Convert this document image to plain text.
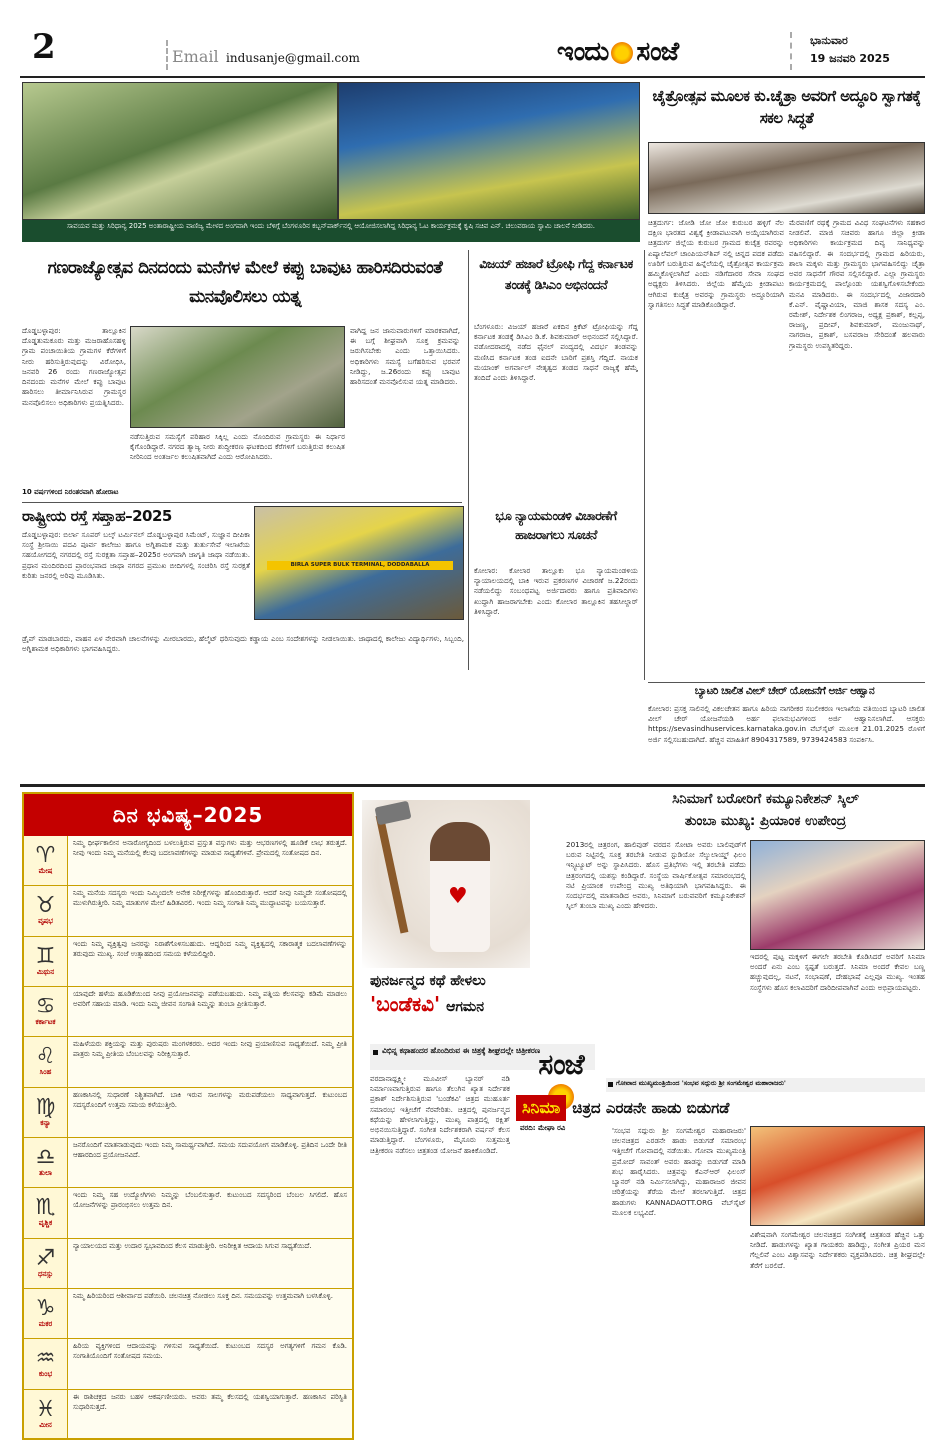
2	Email indusanje@gmail.com	ಇಂದು ಸಂಜೆ	ಭಾನುವಾರ
19 ಜನವರಿ 2025
ಸಾವಯವ ಮತ್ತು ಸಿರಿಧಾನ್ಯ 2025 ಅಂತಾರಾಷ್ಟ್ರೀಯ ವಾಣಿಜ್ಯ ಮೇಳದ ಅಂಗವಾಗಿ ಇಂದು ಬೆಳಿಗ್ಗೆ ಬೆಂಗಳೂರಿನ ಕಬ್ಬನ್‌ಪಾರ್ಕ್‌ನಲ್ಲಿ ಆಯೋಜಿಸಲಾಗಿದ್ದ ಸಿರಿಧಾನ್ಯ ಓಟ ಕಾರ್ಯಕ್ರಮಕ್ಕೆ ಕೃಷಿ ಸಚಿವ ಎನ್. ಚಲುವರಾಯ ಸ್ವಾಮಿ ಚಾಲನೆ ನೀಡಿದರು.
ಚೈತ್ರೋತ್ಸವ ಮೂಲಕ ಕು.ಚೈತ್ರಾ ಅವರಿಗೆ ಅದ್ಧೂರಿ ಸ್ವಾಗತಕ್ಕೆ ಸಕಲ ಸಿದ್ಧತೆ
ಚಿತ್ರದುರ್ಗ: ಜೋಡಿ ಜೋ ಜೋ ಕುರುಬರ ಹಳ್ಳಿಗೆ ನೆಲ ದಕ್ಷಿಣ ಭಾರತದ ವಿಶ್ವಕ್ಕೆ ಕ್ರೀಡಾಪಟುವಾಗಿ ಅಯ್ಕೆಯಾಗಿರುವ ಚಿತ್ರದುರ್ಗ ಜಿಲ್ಲೆಯ ಕುರುಬರ ಗ್ರಾಮದ ಕುಚೈತ್ರ ರವರನ್ನು ಏಷ್ಯಾಲೆವಲ್ ಚಾಂಪಿಯನ್‌ಶಿಪ್ ನಲ್ಲಿ ಚಿನ್ನದ ಪದಕ ಪಡೆದು ಊರಿಗೆ ಬರುತ್ತಿರುವ ಹಿನ್ನೆಲೆಯಲ್ಲಿ ಚೈತ್ರೋತ್ಸವ ಕಾರ್ಯಕ್ರಮ ಹಮ್ಮಿಕೊಳ್ಳಲಾಗಿದೆ ಎಂದು ನಡಿಗೆದಾರರ ಸೇವಾ ಸಂಘದ ಅಧ್ಯಕ್ಷರು ತಿಳಿಸಿದರು. ಜಿಲ್ಲೆಯ ಹೆಮ್ಮೆಯ ಕ್ರೀಡಾಪಟು ಆಗಿರುವ ಕುಚೈತ್ರ ಅವರನ್ನು ಗ್ರಾಮಸ್ಥರು ಅದ್ಧೂರಿಯಾಗಿ ಸ್ವಾಗತಿಸಲು ಸಿದ್ಧತೆ ಮಾಡಿಕೊಂಡಿದ್ದಾರೆ.
ಮೆರವಣಿಗೆ ರಥಕ್ಕೆ ಗ್ರಾಮದ ವಿವಿಧ ಸಂಘಟನೆಗಳು ಸಹಕಾರ ನೀಡಲಿವೆ. ಮಾಜಿ ಸಚಿವರು ಹಾಗೂ ಜಿಲ್ಲಾ ಕ್ರೀಡಾ ಅಧಿಕಾರಿಗಳು ಕಾರ್ಯಕ್ರಮದ ದಿವ್ಯ ಸಾನಿಧ್ಯವನ್ನು ವಹಿಸಲಿದ್ದಾರೆ. ಈ ಸಂದರ್ಭದಲ್ಲಿ ಗ್ರಾಮದ ಹಿರಿಯರು, ಶಾಲಾ ಮಕ್ಕಳು ಮತ್ತು ಗ್ರಾಮಸ್ಥರು ಭಾಗವಹಿಸಲಿದ್ದು ಚೈತ್ರಾ ಅವರ ಸಾಧನೆಗೆ ಗೌರವ ಸಲ್ಲಿಸಲಿದ್ದಾರೆ. ಎಲ್ಲಾ ಗ್ರಾಮಸ್ಥರು ಕಾರ್ಯಕ್ರಮದಲ್ಲಿ ಪಾಲ್ಗೊಂಡು ಯಶಸ್ವಿಗೊಳಿಸಬೇಕೆಂದು ಮನವಿ ಮಾಡಿದರು. ಈ ಸಂದರ್ಭದಲ್ಲಿ ವಿಜಾರದಾರಿ ಕೆ.ಎನ್. ವೈಷ್ಣಾವಿಯಾ, ಮಾಜಿ ಶಾಸಕ ಸದಸ್ಯ ಎಂ. ರಮೇಶ್, ನಿರ್ದೇಶಕ ಲಿಂಗರಾಜ, ಅಧ್ಯಕ್ಷ ಪ್ರಕಾಶ್, ಕಲ್ಲಪ್ಪ, ರಾಜಣ್ಣ, ಪ್ರದೀಪ್, ಶಿವಕುಮಾರ್, ಮಂಜುನಾಥ್, ನಾಗರಾಜ, ಪ್ರಕಾಶ್, ಬಸವರಾಜ ಸೇರಿದಂತೆ ಹಲವಾರು ಗ್ರಾಮಸ್ಥರು ಉಪಸ್ಥಿತರಿದ್ದರು.
ಗಣರಾಜ್ಯೋತ್ಸವ ದಿನದಂದು ಮನೆಗಳ ಮೇಲೆ ಕಪ್ಪು ಬಾವುಟ ಹಾರಿಸದಿರುವಂತೆ ಮನವೊಲಿಸಲು ಯತ್ನ
ದೊಡ್ಡಬಳ್ಳಾಪುರ: ತಾಲ್ಲೂಕಿನ ದೊಡ್ಡತುಮಕೂರು ಮತ್ತು ಮಜರಾಹೊಸಹಳ್ಳಿ ಗ್ರಾಮ ಪಂಚಾಯಿತಿಯ ಗ್ರಾಮಗಳ ಕೆರೆಗಳಿಗೆ ನೀರು ಹರಿಸುತ್ತಿರುವುದನ್ನು ವಿರೋಧಿಸಿ, ಜನವರಿ 26 ರಂದು ಗಣರಾಜ್ಯೋತ್ಸವ ದಿನದಂದು ಮನೆಗಳ ಮೇಲೆ ಕಪ್ಪು ಬಾವುಟ ಹಾರಿಸಲು ತೀರ್ಮಾನಿಸಿರುವ ಗ್ರಾಮಸ್ಥರ ಮನವೊಲಿಸಲು ಅಧಿಕಾರಿಗಳು ಪ್ರಯತ್ನಿಸಿದರು.
10 ವರ್ಷಗಳಿಂದ ನಿರಂತರವಾಗಿ ಹೋರಾಟ
ನಡೆಸುತ್ತಿರುವ ಸಮಸ್ಯೆಗೆ ಪರಿಹಾರ ಸಿಕ್ಕಿಲ್ಲ ಎಂದು ನೊಂದಿರುವ ಗ್ರಾಮಸ್ಥರು ಈ ನಿರ್ಧಾರ ಕೈಗೊಂಡಿದ್ದಾರೆ. ನಗರದ ತ್ಯಾಜ್ಯ ನೀರು ಶುದ್ಧೀಕರಣ ಘಟಕದಿಂದ ಕೆರೆಗಳಿಗೆ ಬರುತ್ತಿರುವ ಕಲುಷಿತ ನೀರಿನಿಂದ ಅಂತರ್ಜಲ ಕಲುಷಿತವಾಗಿದೆ ಎಂದು ಆರೋಪಿಸಿದರು.
ವಾಗಿದ್ದ ಜನ ಜಾನುವಾರುಗಳಿಗೆ ಮಾರಕವಾಗಿದೆ, ಈ ಬಗ್ಗೆ ಶೀಘ್ರವಾಗಿ ಸೂಕ್ತ ಕ್ರಮವನ್ನು ಜರುಗಿಸಬೇಕು ಎಂದು ಒತ್ತಾಯಿಸಿದರು. ಅಧಿಕಾರಿಗಳು ಸಮಸ್ಯೆ ಬಗೆಹರಿಸುವ ಭರವಸೆ ನೀಡಿದ್ದು, ಜ.26ರಂದು ಕಪ್ಪು ಬಾವುಟ ಹಾರಿಸದಂತೆ ಮನವೊಲಿಸುವ ಯತ್ನ ಮಾಡಿದರು.
ವಿಜಯ್ ಹಜಾರೆ ಟ್ರೋಫಿ ಗೆದ್ದ ಕರ್ನಾಟಕ ತಂಡಕ್ಕೆ ಡಿಸಿಎಂ ಅಭಿನಂದನೆ
ಬೆಂಗಳೂರು: ವಿಜಯ್ ಹಜಾರೆ ಏಕದಿನ ಕ್ರಿಕೆಟ್ ಟ್ರೋಫಿಯನ್ನು ಗೆದ್ದ ಕರ್ನಾಟಕ ತಂಡಕ್ಕೆ ಡಿಸಿಎಂ ಡಿ.ಕೆ. ಶಿವಕುಮಾರ್ ಅಭಿನಂದನೆ ಸಲ್ಲಿಸಿದ್ದಾರೆ. ವಡೋದರಾದಲ್ಲಿ ನಡೆದ ಫೈನಲ್ ಪಂದ್ಯದಲ್ಲಿ ವಿದರ್ಭ ತಂಡವನ್ನು ಮಣಿಸಿದ ಕರ್ನಾಟಕ ತಂಡ ಐದನೇ ಬಾರಿಗೆ ಪ್ರಶಸ್ತಿ ಗೆದ್ದಿದೆ. ನಾಯಕ ಮಯಾಂಕ್ ಅಗರ್ವಾಲ್ ನೇತೃತ್ವದ ತಂಡದ ಸಾಧನೆ ರಾಜ್ಯಕ್ಕೆ ಹೆಮ್ಮೆ ತಂದಿದೆ ಎಂದು ತಿಳಿಸಿದ್ದಾರೆ.
ಭೂ ನ್ಯಾಯಮಂಡಳಿ ವಿಚಾರಣೆಗೆ ಹಾಜರಾಗಲು ಸೂಚನೆ
ಕೋಲಾರ: ಕೋಲಾರ ತಾಲ್ಲೂಕು ಭೂ ನ್ಯಾಯಮಂಡಳಿಯ ನ್ಯಾಯಾಲಯದಲ್ಲಿ ಬಾಕಿ ಇರುವ ಪ್ರಕರಣಗಳ ವಿಚಾರಣೆ ಜ.22ರಂದು ನಡೆಯಲಿದ್ದು ಸಂಬಂಧಪಟ್ಟ ಅರ್ಜಿದಾರರು ಹಾಗೂ ಪ್ರತಿವಾದಿಗಳು ಖುದ್ದಾಗಿ ಹಾಜರಾಗಬೇಕು ಎಂದು ಕೋಲಾರ ತಾಲ್ಲೂಕಿನ ತಹಸೀಲ್ದಾರ್ ತಿಳಿಸಿದ್ದಾರೆ.
ರಾಷ್ಟ್ರೀಯ ರಸ್ತೆ ಸಪ್ತಾಹ–2025
ದೊಡ್ಡಬಳ್ಳಾಪುರ: ಬಿರ್ಲಾ ಸೂಪರ್ ಬಲ್ಕ್ ಟರ್ಮಿನಲ್ ದೊಡ್ಡಬಳ್ಳಾಪುರ ಸಿಮೆಂಟ್, ಸುಜ್ಞಾನ ದೀಪಿಕಾ ಸಂಸ್ಥೆ ಶ್ರೀಸಾಯಿ ಪದವಿ ಪೂರ್ವ ಕಾಲೇಜು ಹಾಗೂ ಅಗ್ನಿಶಾಮಕ ಮತ್ತು ತುರ್ತುಸೇವೆ ಇಲಾಖೆಯ ಸಹಯೋಗದಲ್ಲಿ ನಗರದಲ್ಲಿ ರಸ್ತೆ ಸುರಕ್ಷತಾ ಸಪ್ತಾಹ–2025ರ ಅಂಗವಾಗಿ ಜಾಗೃತಿ ಜಾಥಾ ನಡೆಯಿತು. ಪ್ರಧಾನ ಮಂದಿರದಿಂದ ಪ್ರಾರಂಭವಾದ ಜಾಥಾ ನಗರದ ಪ್ರಮುಖ ಬೀದಿಗಳಲ್ಲಿ ಸಂಚರಿಸಿ ರಸ್ತೆ ಸುರಕ್ಷತೆ ಕುರಿತು ಜನರಲ್ಲಿ ಅರಿವು ಮೂಡಿಸಿತು.
BIRLA SUPER BULK TERMINAL, DODDABALLA
ಡ್ರೈವ್ ಮಾಡಬಾರದು, ವಾಹನ ಏಳ ನೇರವಾಗಿ ಚಾಲನೆಗಳನ್ನು ಮೀರಬಾರದು, ಹೆಲ್ಮೆಟ್ ಧರಿಸುವುದು ಕಡ್ಡಾಯ ಎಂಬ ಸಂದೇಶಗಳನ್ನು ನೀಡಲಾಯಿತು. ಜಾಥಾದಲ್ಲಿ ಕಾಲೇಜು ವಿದ್ಯಾರ್ಥಿಗಳು, ಸಿಬ್ಬಂದಿ, ಅಗ್ನಿಶಾಮಕ ಅಧಿಕಾರಿಗಳು ಭಾಗವಹಿಸಿದ್ದರು.
ಬ್ಯಾಟರಿ ಚಾಲಿತ ವೀಲ್ ಚೇರ್ ಯೋಜನೆಗೆ ಅರ್ಜಿ ಆಹ್ವಾನ
ಕೋಲಾರ: ಪ್ರಸಕ್ತ ಸಾಲಿನಲ್ಲಿ ವಿಕಲಚೇತನ ಹಾಗೂ ಹಿರಿಯ ನಾಗರೀಕರ ಸಬಲೀಕರಣ ಇಲಾಖೆಯ ವತಿಯಿಂದ ಬ್ಯಾಟರಿ ಚಾಲಿತ ವೀಲ್ ಚೇರ್ ಯೋಜನೆಯಡಿ ಅರ್ಹ ಫಲಾನುಭವಿಗಳಿಂದ ಅರ್ಜಿ ಆಹ್ವಾನಿಸಲಾಗಿದೆ. ಆಸಕ್ತರು https://sevasindhuservices.karnataka.gov.in ವೆಬ್‌ಸೈಟ್ ಮೂಲಕ 21.01.2025 ರೊಳಗೆ ಅರ್ಜಿ ಸಲ್ಲಿಸಬಹುದಾಗಿದೆ. ಹೆಚ್ಚಿನ ಮಾಹಿತಿಗೆ 8904317589, 9739424583 ಸಂಪರ್ಕಿಸಿ.
ದಿನ ಭವಿಷ್ಯ–2025
♈
ಮೇಷ
ನಿಮ್ಮ ಧೀರ್ಘಕಾಲೀನ ಅನಾರೋಗ್ಯದಿಂದ ಬಳಲುತ್ತಿರುವ ಪ್ರಸ್ತುತ ವಸ್ತುಗಳು ಮತ್ತು ಆಭರಣಗಳಲ್ಲಿ ಹೂಡಿಕೆ ಲಾಭ ತರುತ್ತದೆ. ನೀವು ಇಂದು ನಿಮ್ಮ ಮನೆಯಲ್ಲಿ ಕೆಲವು ಬದಲಾವಣೆಗಳನ್ನು ಮಾಡುವ ಸಾಧ್ಯತೆಗಳಿವೆ. ಪ್ರೇಮದಲ್ಲಿ ಸಂತೋಷದ ದಿನ.
♉
ವೃಷಭ
ನಿಮ್ಮ ಮನೆಯ ಸದಸ್ಯರು ಇಂದು ನಿಮ್ಮಿಂದಲೇ ಅನೇಕ ನಿರೀಕ್ಷೆಗಳನ್ನು ಹೊಂದಿರುತ್ತಾರೆ. ಆದರೆ ನೀವು ನಿಮ್ಮದೇ ಸಂತೋಷದಲ್ಲಿ ಮುಳುಗಿರುತ್ತೀರಿ. ನಿಮ್ಮ ಮಾತುಗಳ ಮೇಲೆ ಹಿಡಿತವಿರಲಿ. ಇಂದು ನಿಮ್ಮ ಸಂಗಾತಿ ನಿಮ್ಮ ಮುದ್ದಾಟವನ್ನು ಬಯಸುತ್ತಾರೆ.
♊
ಮಿಥುನ
ಇಂದು ನಿಮ್ಮ ವ್ಯಕ್ತಿತ್ವವು ಜನರನ್ನು ನಿರಾಶೆಗೊಳಿಸಬಹುದು. ಆದ್ದರಿಂದ ನಿಮ್ಮ ವ್ಯಕ್ತಿತ್ವದಲ್ಲಿ ಸಕಾರಾತ್ಮಕ ಬದಲಾವಣೆಗಳನ್ನು ತರುವುದು ಮುಖ್ಯ. ಸಂಜೆ ಉತ್ಸಾಹದಿಂದ ಸಮಯ ಕಳೆಯಲಿದ್ದೀರಿ.
♋
ಕರ್ಕಾಟಕ
ಯಾವುದೇ ಹಳೆಯ ಹೂಡಿಕೆಯಿಂದ ನೀವು ಪ್ರಯೋಜನವನ್ನು ಪಡೆಯಬಹುದು. ನಿಮ್ಮ ಪತ್ನಿಯ ಕೆಲಸವನ್ನು ಕಡಿಮೆ ಮಾಡಲು ಅವರಿಗೆ ಸಹಾಯ ಮಾಡಿ. ಇಂದು ನಿಮ್ಮ ಜೀವನ ಸಂಗಾತಿ ನಿಮ್ಮನ್ನು ತುಂಬಾ ಪ್ರೀತಿಸುತ್ತಾರೆ.
♌
ಸಿಂಹ
ಮಹಿಳೆಯರು ಶಕ್ತಿಯನ್ನು ಮತ್ತು ಪುರುಷರು ಮಂಗಳಕರರು. ಅದರ ಇಂದು ನೀವು ಪ್ರಯಾಣಿಸುವ ಸಾಧ್ಯತೆಯಿದೆ. ನಿಮ್ಮ ಪ್ರೀತಿ ಪಾತ್ರರು ನಿಮ್ಮ ಪ್ರೀತಿಯ ಬೆಂಬಲವನ್ನು ನಿರೀಕ್ಷಿಸುತ್ತಾರೆ.
♍
ಕನ್ಯಾ
ಹಣಕಾಸಿನಲ್ಲಿ ಸುಧಾರಣೆ ನಿಶ್ಚಿತವಾಗಿದೆ. ಬಾಕಿ ಇರುವ ಸಾಲಗಳನ್ನು ಮರುಪಡೆಯಲು ಸಾಧ್ಯವಾಗುತ್ತದೆ. ಕುಟುಂಬದ ಸದಸ್ಯರೊಂದಿಗೆ ಉತ್ತಮ ಸಮಯ ಕಳೆಯುತ್ತೀರಿ.
♎
ತುಲಾ
ಜನರೊಂದಿಗೆ ಮಾತನಾಡುವುದು ಇಂದು ನಿಮ್ಮ ಸಾಮರ್ಥ್ಯವಾಗಿದೆ. ಸಮಯ ಸದುಪಯೋಗ ಮಾಡಿಕೊಳ್ಳಿ. ಪ್ರತಿದಿನ ಒಂದೇ ರೀತಿ ಆಹಾರದಿಂದ ಪ್ರಯೋಜನವಿದೆ.
♏
ವೃಶ್ಚಿಕ
ಇಂದು ನಿಮ್ಮ ಸಹ ಉದ್ಯೋಗಿಗಳು ನಿಮ್ಮನ್ನು ಬೆಂಬಲಿಸುತ್ತಾರೆ. ಕುಟುಂಬದ ಸದಸ್ಯರಿಂದ ಬೆಂಬಲ ಸಿಗಲಿದೆ. ಹೊಸ ಯೋಜನೆಗಳನ್ನು ಪ್ರಾರಂಭಿಸಲು ಉತ್ತಮ ದಿನ.
♐
ಧನಸ್ಸು
ನ್ಯಾಯಾಲಯದ ಮತ್ತು ಉದಾರ ಸ್ವಭಾವದಿಂದ ಕೆಲಸ ಮಾಡುತ್ತೀರಿ. ಅನಿರೀಕ್ಷಿತ ಆದಾಯ ಸಿಗುವ ಸಾಧ್ಯತೆಯಿದೆ.
♑
ಮಕರ
ನಿಮ್ಮ ಹಿರಿಯರಿಂದ ಆಶೀರ್ವಾದ ಪಡೆಯಿರಿ. ಚಲನಚಿತ್ರ ನೋಡಲು ಸೂಕ್ತ ದಿನ. ಸಮಯವನ್ನು ಉತ್ತಮವಾಗಿ ಬಳಸಿಕೊಳ್ಳಿ.
♒
ಕುಂಭ
ಹಿರಿಯ ವ್ಯಕ್ತಿಗಳಿಂದ ಆದಾಯವನ್ನು ಗಳಿಸುವ ಸಾಧ್ಯತೆಯಿದೆ. ಕುಟುಂಬದ ಸದಸ್ಯರ ಅಗತ್ಯಗಳಿಗೆ ಗಮನ ಕೊಡಿ. ಸಂಗಾತಿಯೊಂದಿಗೆ ಸಂತೋಷದ ಸಮಯ.
♓
ಮೀನ
ಈ ರಾಶಿಚಕ್ರದ ಜನರು ಬಹಳ ಆಕರ್ಷಣೀಯರು. ಅವರು ತಮ್ಮ ಕೆಲಸದಲ್ಲಿ ಯಶಸ್ವಿಯಾಗುತ್ತಾರೆ. ಹಣಕಾಸಿನ ಪರಿಸ್ಥಿತಿ ಸುಧಾರಿಸುತ್ತದೆ.
♥
ಪುನರ್ಜನ್ಮದ ಕಥೆ ಹೇಳಲು
'ಬಂಡೆಕವಿ' ಆಗಮನ
ವಿಭಿನ್ನ ಕಥಾಹಂದರ ಹೊಂದಿರುವ ಈ ಚಿತ್ರಕ್ಕೆ ಶೀಘ್ರದಲ್ಲೇ ಚಿತ್ರೀಕರಣ
ವರದಾನಾಥ್ಲಕ್ಷ್ಮೀ ಮೂವೀಸ್ ಬ್ಯಾನರ್ ನಡಿ ನಿರ್ಮಾಣವಾಗುತ್ತಿರುವ ಹಾಗೂ ತೆಲುಗಿನ ಖ್ಯಾತ ನಿರ್ದೇಶಕ ಪ್ರಕಾಶ್ ನಿರ್ದೇಶಿಸುತ್ತಿರುವ 'ಬಂಡೆಕವಿ' ಚಿತ್ರದ ಮುಹೂರ್ತ ಸಮಾರಂಭ ಇತ್ತೀಚೆಗೆ ನೆರವೇರಿತು. ಚಿತ್ರದಲ್ಲಿ ಪುನರ್ಜನ್ಮದ ಕಥೆಯನ್ನು ಹೇಳಲಾಗುತ್ತಿದ್ದು, ಮುಖ್ಯ ಪಾತ್ರದಲ್ಲಿ ರಕ್ಷಿತ್ ಅಭಿನಯಿಸುತ್ತಿದ್ದಾರೆ. ಸಂಗೀತ ನಿರ್ದೇಶಕರಾಗಿ ವರ್ಷನ್ ಕೆಲಸ ಮಾಡುತ್ತಿದ್ದಾರೆ. ಬೆಂಗಳೂರು, ಮೈಸೂರು ಸುತ್ತಮುತ್ತ ಚಿತ್ರೀಕರಣ ನಡೆಸಲು ಚಿತ್ರತಂಡ ಯೋಜನೆ ಹಾಕಿಕೊಂಡಿದೆ.
ವರದಿ: ಮೇಘಾ ರವಿ
ಸಂಜೆ
ಸಿನಿಮಾ ಚಿತ್ರದ ಎರಡನೇ ಹಾಡು ಬಿಡುಗಡೆ
ಗೋವಾದ ಮುಖ್ಯಮಂತ್ರಿಯಿಂದ 'ಸಂಭವ ಸದ್ಗುರು ಶ್ರೀ ಸಂಗಮೇಶ್ವರ ಮಹಾರಾಜರು'
'ಸಂಭವ ಸದ್ಗುರು ಶ್ರೀ ಸಂಗಮೇಶ್ವರ ಮಹಾರಾಜರು' ಚಲನಚಿತ್ರದ ಎರಡನೇ ಹಾಡು ಬಿಡುಗಡೆ ಸಮಾರಂಭ ಇತ್ತೀಚೆಗೆ ಗೋವಾದಲ್ಲಿ ನಡೆಯಿತು. ಗೋವಾ ಮುಖ್ಯಮಂತ್ರಿ ಪ್ರಮೋದ್ ಸಾವಂತ್ ಅವರು ಹಾಡನ್ನು ಬಿಡುಗಡೆ ಮಾಡಿ ಶುಭ ಹಾರೈಸಿದರು. ಚಿತ್ರವನ್ನು ಕೆಎನ್‌ಆರ್ ಫಿಲಂಸ್ ಬ್ಯಾನರ್ ನಡಿ ನಿರ್ಮಿಸಲಾಗಿದ್ದು, ಮಹಾರಾಜರ ಜೀವನ ಚರಿತ್ರೆಯನ್ನು ತೆರೆಯ ಮೇಲೆ ತರಲಾಗುತ್ತಿದೆ. ಚಿತ್ರದ ಹಾಡುಗಳು KANNADAOTT.ORG ವೆಬ್‌ಸೈಟ್ ಮೂಲಕ ಲಭ್ಯವಿದೆ.
ವಿಶೇಷವಾಗಿ ಸಂಗಮೇಶ್ವರ ಚಲನಚಿತ್ರದ ಸಂಗೀತಕ್ಕೆ ಚಿತ್ರತಂಡ ಹೆಚ್ಚಿನ ಒತ್ತು ನೀಡಿದೆ. ಹಾಡುಗಳನ್ನು ಖ್ಯಾತ ಗಾಯಕರು ಹಾಡಿದ್ದು, ಸಂಗೀತ ಪ್ರಿಯರ ಮನ ಗೆಲ್ಲಲಿವೆ ಎಂಬ ವಿಶ್ವಾಸವನ್ನು ನಿರ್ದೇಶಕರು ವ್ಯಕ್ತಪಡಿಸಿದರು. ಚಿತ್ರ ಶೀಘ್ರದಲ್ಲೇ ತೆರೆಗೆ ಬರಲಿದೆ.
ಸಿನಿಮಾಗೆ ಬರೋರಿಗೆ ಕಮ್ಯೂನಿಕೇಶನ್ ಸ್ಕಿಲ್
ತುಂಬಾ ಮುಖ್ಯ: ಪ್ರಿಯಾಂಕ ಉಪೇಂದ್ರ
2013ರಲ್ಲಿ ಚಿತ್ರರಂಗ, ಹಾಲಿವುಡ್ ವರದನ ಸೋಟಾ ಅವರು ಬಾಲಿವುಡ್‌ಗೆ ಬರುವ ನಿಟ್ಟಿನಲ್ಲಿ ಸೂಕ್ತ ತರಬೇತಿ ನೀಡುವ ಸ್ಟುಡಿಯೋ ಸೆಲ್ಯುಲಾಯ್ಡ್ ಫಿಲಂ ಇನ್ಸ್ಟಿಟ್ಯೂಟ್ ಅನ್ನು ಸ್ಥಾಪಿಸಿದರು. ಹೊಸ ಪ್ರತಿಭೆಗಳು ಇಲ್ಲಿ ತರಬೇತಿ ಪಡೆದು ಚಿತ್ರರಂಗದಲ್ಲಿ ಯಶಸ್ಸು ಕಂಡಿದ್ದಾರೆ. ಸಂಸ್ಥೆಯ ವಾರ್ಷಿಕೋತ್ಸವ ಸಮಾರಂಭದಲ್ಲಿ ನಟಿ ಪ್ರಿಯಾಂಕ ಉಪೇಂದ್ರ ಮುಖ್ಯ ಅತಿಥಿಯಾಗಿ ಭಾಗವಹಿಸಿದ್ದರು. ಈ ಸಂದರ್ಭದಲ್ಲಿ ಮಾತನಾಡಿದ ಅವರು, ಸಿನಿಮಾಗೆ ಬರುವವರಿಗೆ ಕಮ್ಯೂನಿಕೇಶನ್ ಸ್ಕಿಲ್ ತುಂಬಾ ಮುಖ್ಯ ಎಂದು ಹೇಳಿದರು.
ಇದರಲ್ಲಿ ಪುಟ್ಟ ಮಕ್ಕಳಿಗೆ ಈಗಲೇ ತರಬೇತಿ ಕೊಡಿಸಿದರೆ ಅವರಿಗೆ ಸಿನಿಮಾ ಅಂದರೆ ಏನು ಎಂಬ ಸ್ಪಷ್ಟತೆ ಬರುತ್ತದೆ. ಸಿನಿಮಾ ಅಂದರೆ ಕೇವಲ ಬಣ್ಣ ಹಚ್ಚುವುದಲ್ಲ, ನಟನೆ, ಸಂಭಾಷಣೆ, ದೇಹಭಾಷೆ ಎಲ್ಲವೂ ಮುಖ್ಯ. ಇಂತಹ ಸಂಸ್ಥೆಗಳು ಹೊಸ ಕಲಾವಿದರಿಗೆ ದಾರಿದೀಪವಾಗಿವೆ ಎಂದು ಅಭಿಪ್ರಾಯಪಟ್ಟರು.
